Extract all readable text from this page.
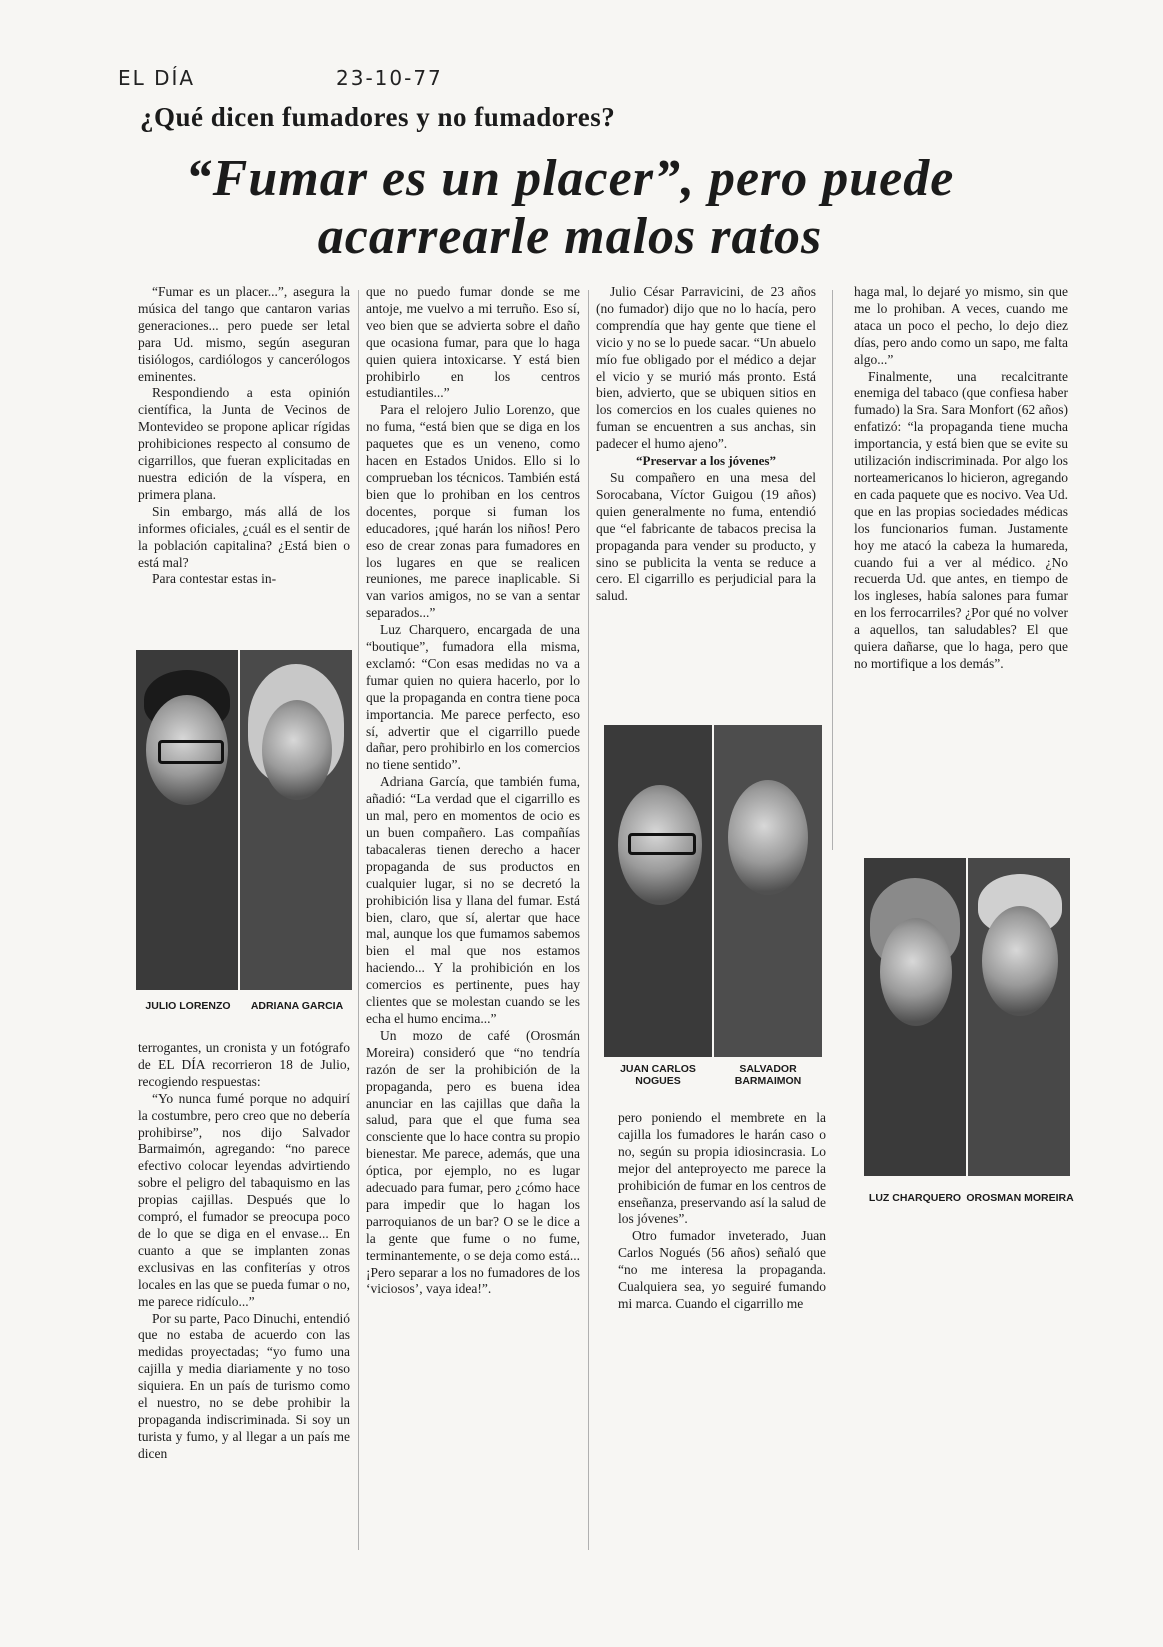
EL DÍA	23-10-77
¿Qué dicen fumadores y no fumadores?
“Fumar es un placer”, pero puede acarrearle malos ratos

“Fumar es un placer...”, asegura la música del tango que cantaron varias generaciones... pero puede ser letal para Ud. mismo, según aseguran tisiólogos, cardiólogos y cancerólogos eminentes.

Respondiendo a esta opinión científica, la Junta de Vecinos de Montevideo se propone aplicar rígidas prohibiciones respecto al consumo de cigarrillos, que fueran explicitadas en nuestra edición de la víspera, en primera plana.

Sin embargo, más allá de los informes oficiales, ¿cuál es el sentir de la población capitalina? ¿Está bien o está mal?

Para contestar estas in-

JULIO LORENZO	ADRIANA GARCIA

terrogantes, un cronista y un fotógrafo de EL DÍA recorrieron 18 de Julio, recogiendo respuestas:

“Yo nunca fumé porque no adquirí la costumbre, pero creo que no debería prohibirse”, nos dijo Salvador Barmaimón, agregando: “no parece efectivo colocar leyendas advirtiendo sobre el peligro del tabaquismo en las propias cajillas. Después que lo compró, el fumador se preocupa poco de lo que se diga en el envase... En cuanto a que se implanten zonas exclusivas en las confiterías y otros locales en las que se pueda fumar o no, me parece ridículo...”

Por su parte, Paco Dinuchi, entendió que no estaba de acuerdo con las medidas proyectadas; “yo fumo una cajilla y media diariamente y no toso siquiera. En un país de turismo como el nuestro, no se debe prohibir la propaganda indiscriminada. Si soy un turista y fumo, y al llegar a un país me dicen

que no puedo fumar donde se me antoje, me vuelvo a mi terruño. Eso sí, veo bien que se advierta sobre el daño que ocasiona fumar, para que lo haga quien quiera intoxicarse. Y está bien prohibirlo en los centros estudiantiles...”

Para el relojero Julio Lorenzo, que no fuma, “está bien que se diga en los paquetes que es un veneno, como hacen en Estados Unidos. Ello si lo comprueban los técnicos. También está bien que lo prohiban en los centros docentes, porque si fuman los educadores, ¡qué harán los niños! Pero eso de crear zonas para fumadores en los lugares en que se realicen reuniones, me parece inaplicable. Si van varios amigos, no se van a sentar separados...”

Luz Charquero, encargada de una “boutique”, fumadora ella misma, exclamó: “Con esas medidas no va a fumar quien no quiera hacerlo, por lo que la propaganda en contra tiene poca importancia. Me parece perfecto, eso sí, advertir que el cigarrillo puede dañar, pero prohibirlo en los comercios no tiene sentido”.

Adriana García, que también fuma, añadió: “La verdad que el cigarrillo es un mal, pero en momentos de ocio es un buen compañero. Las compañías tabacaleras tienen derecho a hacer propaganda de sus productos en cualquier lugar, si no se decretó la prohibición lisa y llana del fumar. Está bien, claro, que sí, alertar que hace mal, aunque los que fumamos sabemos bien el mal que nos estamos haciendo... Y la prohibición en los comercios es pertinente, pues hay clientes que se molestan cuando se les echa el humo encima...”

Un mozo de café (Orosmán Moreira) consideró que “no tendría razón de ser la prohibición de la propaganda, pero es buena idea anunciar en las cajillas que daña la salud, para que el que fuma sea consciente que lo hace contra su propio bienestar. Me parece, además, que una óptica, por ejemplo, no es lugar adecuado para fumar, pero ¿cómo hace para impedir que lo hagan los parroquianos de un bar? O se le dice a la gente que fume o no fume, terminantemente, o se deja como está... ¡Pero separar a los no fumadores de los ‘viciosos’, vaya idea!”.

Julio César Parravicini, de 23 años (no fumador) dijo que no lo hacía, pero comprendía que hay gente que tiene el vicio y no se lo puede sacar. “Un abuelo mío fue obligado por el médico a dejar el vicio y se murió más pronto. Está bien, advierto, que se ubiquen sitios en los comercios en los cuales quienes no fuman se encuentren a sus anchas, sin padecer el humo ajeno”.

“Preservar a los jóvenes”

Su compañero en una mesa del Sorocabana, Víctor Guigou (19 años) quien generalmente no fuma, entendió que “el fabricante de tabacos precisa la propaganda para vender su producto, y sino se publicita la venta se reduce a cero. El cigarrillo es perjudicial para la salud.

JUAN CARLOS NOGUES
SALVADOR BARMAIMON

pero poniendo el membrete en la cajilla los fumadores le harán caso o no, según su propia idiosincrasia. Lo mejor del anteproyecto me parece la prohibición de fumar en los centros de enseñanza, preservando así la salud de los jóvenes”.

Otro fumador inveterado, Juan Carlos Nogués (56 años) señaló que “no me interesa la propaganda. Cualquiera sea, yo seguiré fumando mi marca. Cuando el cigarrillo me

haga mal, lo dejaré yo mismo, sin que me lo prohiban. A veces, cuando me ataca un poco el pecho, lo dejo diez días, pero ando como un sapo, me falta algo...”

Finalmente, una recalcitrante enemiga del tabaco (que confiesa haber fumado) la Sra. Sara Monfort (62 años) enfatizó: “la propaganda tiene mucha importancia, y está bien que se evite su utilización indiscriminada. Por algo los norteamericanos lo hicieron, agregando en cada paquete que es nocivo. Vea Ud. que en las propias sociedades médicas los funcionarios fuman. Justamente hoy me atacó la cabeza la humareda, cuando fui a ver al médico. ¿No recuerda Ud. que antes, en tiempo de los ingleses, había salones para fumar en los ferrocarriles? ¿Por qué no volver a aquellos, tan saludables? El que quiera dañarse, que lo haga, pero que no mortifique a los demás”.

LUZ CHARQUERO OROSMAN MOREIRA
